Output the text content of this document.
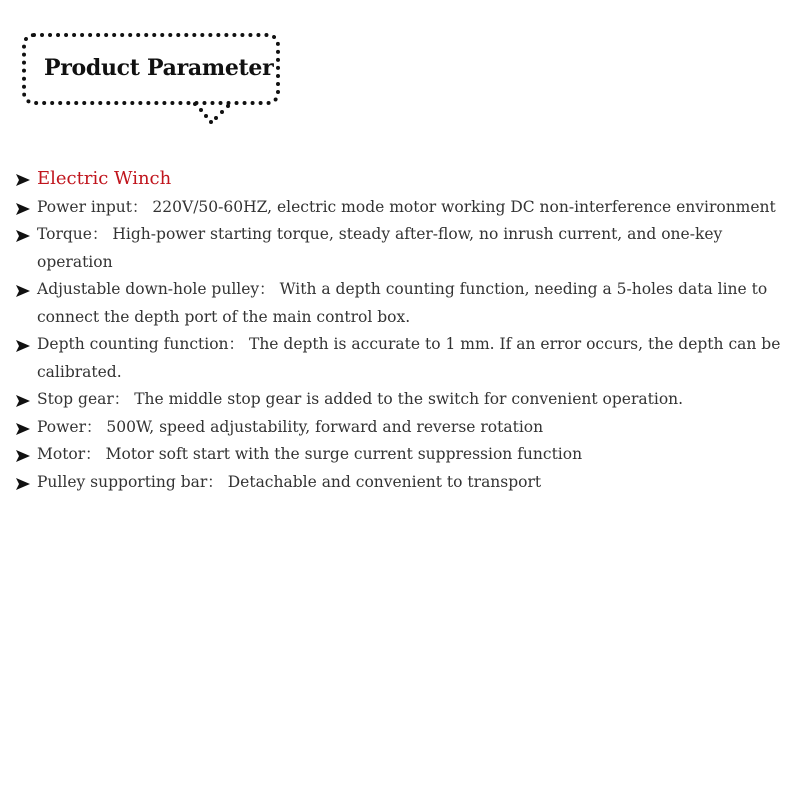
Product Parameter
Electric Winch
Power input： 220V/50-60HZ, electric mode motor working DC non-interference environment
Torque： High-power starting torque, steady after-flow, no inrush current, and one-key operation
Adjustable down-hole pulley： With a depth counting function, needing a 5-holes data line to connect the depth port of the main control box.
Depth counting function： The depth is accurate to 1 mm. If an error occurs, the depth can be calibrated.
Stop gear： The middle stop gear is added to the switch for convenient operation.
Power： 500W, speed adjustability, forward and reverse rotation
Motor： Motor soft start with the surge current suppression function
Pulley supporting bar： Detachable and convenient to transport
